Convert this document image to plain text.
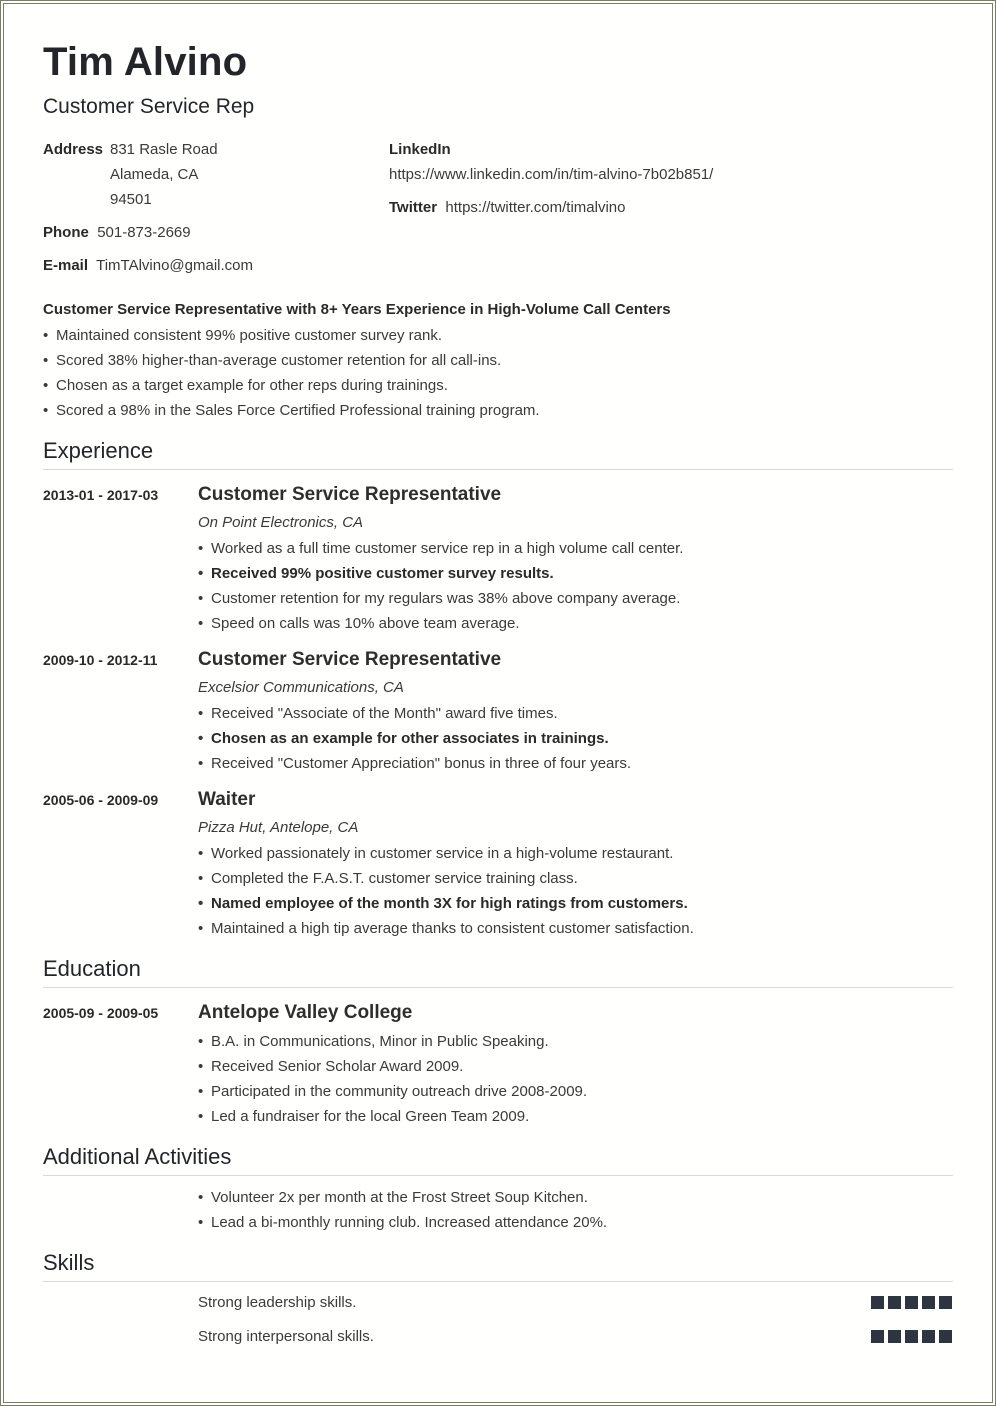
Tim Alvino
Customer Service Rep
Address 831 Rasle Road
Alameda, CA
94501
Phone 501-873-2669
E-mail TimTAlvino@gmail.com
LinkedIn
https://www.linkedin.com/in/tim-alvino-7b02b851/
Twitter https://twitter.com/timalvino
Customer Service Representative with 8+ Years Experience in High-Volume Call Centers
• Maintained consistent 99% positive customer survey rank.
• Scored 38% higher-than-average customer retention for all call-ins.
• Chosen as a target example for other reps during trainings.
• Scored a 98% in the Sales Force Certified Professional training program.
Experience
2013-01 - 2017-03 Customer Service Representative
On Point Electronics, CA
• Worked as a full time customer service rep in a high volume call center.
• Received 99% positive customer survey results.
• Customer retention for my regulars was 38% above company average.
• Speed on calls was 10% above team average.
2009-10 - 2012-11 Customer Service Representative
Excelsior Communications, CA
• Received "Associate of the Month" award five times.
• Chosen as an example for other associates in trainings.
• Received "Customer Appreciation" bonus in three of four years.
2005-06 - 2009-09 Waiter
Pizza Hut, Antelope, CA
• Worked passionately in customer service in a high-volume restaurant.
• Completed the F.A.S.T. customer service training class.
• Named employee of the month 3X for high ratings from customers.
• Maintained a high tip average thanks to consistent customer satisfaction.
Education
2005-09 - 2009-05 Antelope Valley College
• B.A. in Communications, Minor in Public Speaking.
• Received Senior Scholar Award 2009.
• Participated in the community outreach drive 2008-2009.
• Led a fundraiser for the local Green Team 2009.
Additional Activities
• Volunteer 2x per month at the Frost Street Soup Kitchen.
• Lead a bi-monthly running club. Increased attendance 20%.
Skills
Strong leadership skills.
Strong interpersonal skills.
